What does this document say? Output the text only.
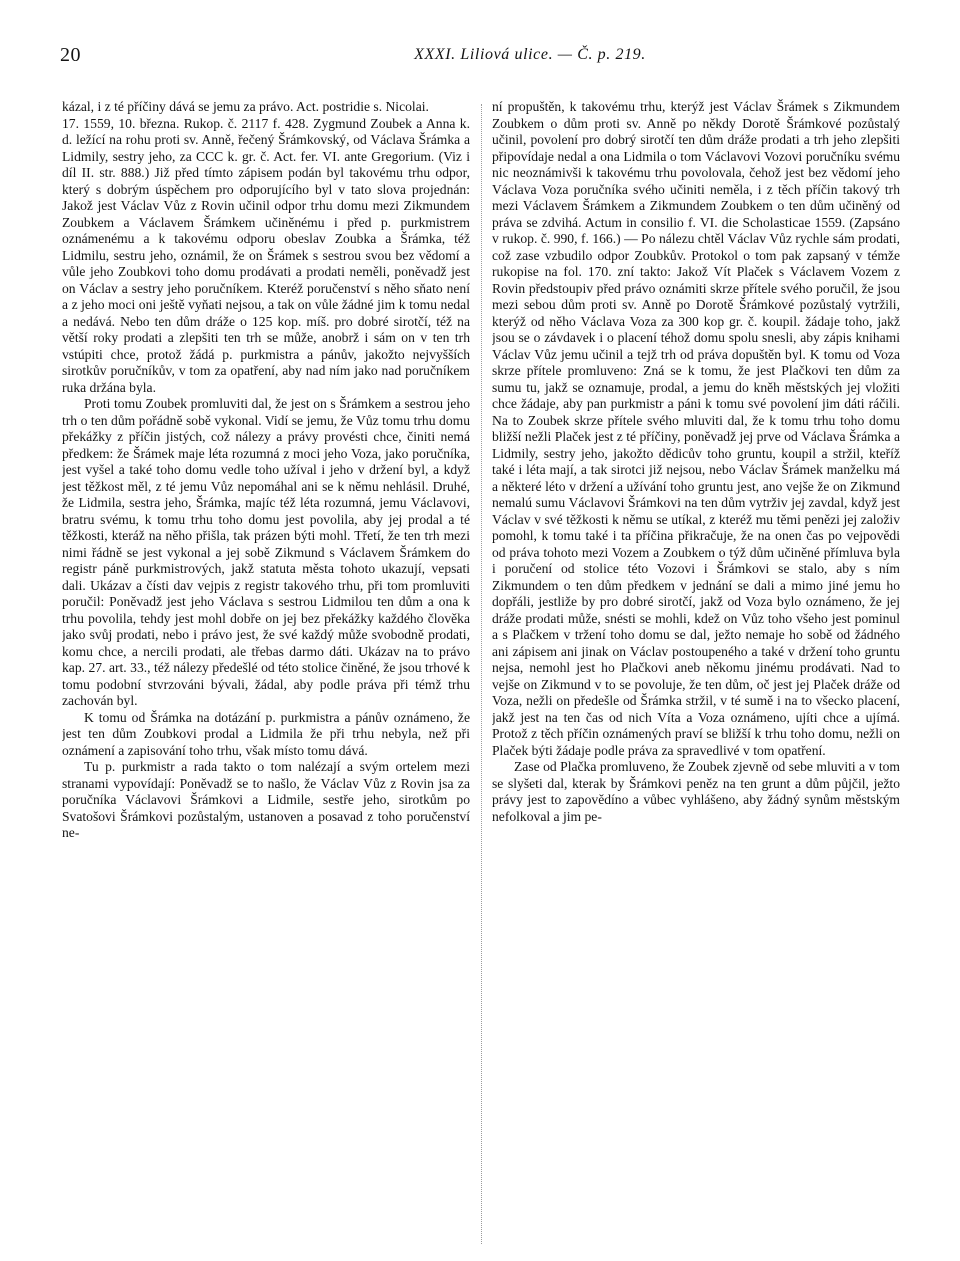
20	XXXI. Liliová ulice. — Č. p. 219.

kázal, i z té příčiny dává se jemu za právo. Act. postridie s. Nicolai.

17. 1559, 10. března. Rukop. č. 2117 f. 428. Zygmund Zoubek a Anna k. d. ležící na rohu proti sv. Anně, řečený Šrámkovský, od Václava Šrámka a Lidmily, sestry jeho, za CCC k. gr. č. Act. fer. VI. ante Gregorium. (Viz i díl II. str. 888.) Již před tímto zápisem podán byl takovému trhu odpor, který s dobrým úspěchem pro odporujícího byl v tato slova projednán: Jakož jest Václav Vůz z Rovin učinil odpor trhu domu mezi Zikmundem Zoubkem a Václavem Šrámkem učiněnému i před p. purkmistrem oznámenému a k takovému odporu obeslav Zoubka a Šrámka, též Lidmilu, sestru jeho, oznámil, že on Šrámek s sestrou svou bez vědomí a vůle jeho Zoubkovi toho domu prodávati a prodati neměli, poněvadž jest on Václav a sestry jeho poručníkem. Kteréž poručenství s něho sňato není a z jeho moci oni ještě vyňati nejsou, a tak on vůle žádné jim k tomu nedal a nedává. Nebo ten dům dráže o 125 kop. míš. pro dobré sirotčí, též na větší roky prodati a zlepšiti ten trh se může, anobrž i sám on v ten trh vstúpiti chce, protož žádá p. purkmistra a pánův, jakožto nejvyšších sirotkův poručníkův, v tom za opatření, aby nad ním jako nad poručníkem ruka držána byla.

Proti tomu Zoubek promluviti dal, že jest on s Šrámkem a sestrou jeho trh o ten dům pořádně sobě vykonal. Vidí se jemu, že Vůz tomu trhu domu překážky z příčin jistých, což nálezy a právy provésti chce, činiti nemá předkem: že Šrámek maje léta rozumná z moci jeho Voza, jako poručníka, jest vyšel a také toho domu vedle toho užíval i jeho v držení byl, a když jest těžkost měl, z té jemu Vůz nepomáhal ani se k němu nehlásil. Druhé, že Lidmila, sestra jeho, Šrámka, majíc též léta rozumná, jemu Václavovi, bratru svému, k tomu trhu toho domu jest povolila, aby jej prodal a té těžkosti, kteráž na něho přišla, tak prázen býti mohl. Třetí, že ten trh mezi nimi řádně se jest vykonal a jej sobě Zikmund s Václavem Šrámkem do registr páně purkmistrových, jakž statuta města tohoto ukazují, vepsati dali. Ukázav a čísti dav vejpis z registr takového trhu, při tom promluviti poručil: Poněvadž jest jeho Václava s sestrou Lidmilou ten dům a ona k trhu povolila, tehdy jest mohl dobře on jej bez překážky každého člověka jako svůj prodati, nebo i právo jest, že své každý může svobodně prodati, komu chce, a nercili prodati, ale třebas darmo dáti. Ukázav na to právo kap. 27. art. 33., též nálezy předešlé od této stolice činěné, že jsou trhové k tomu podobní stvrzováni bývali, žádal, aby podle práva při témž trhu zachován byl.

K tomu od Šrámka na dotázání p. purkmistra a pánův oznámeno, že jest ten dům Zoubkovi prodal a Lidmila že při trhu nebyla, než při oznámení a zapisování toho trhu, však místo tomu dává.

Tu p. purkmistr a rada takto o tom nalézají a svým ortelem mezi stranami vypovídají: Poněvadž se to našlo, že Václav Vůz z Rovin jsa za poručníka Václavovi Šrámkovi a Lidmile, sestře jeho, sirotkům po Svatošovi Šrámkovi pozůstalým, ustanoven a posavad z toho poručenství ne-

ní propuštěn, k takovému trhu, kterýž jest Václav Šrámek s Zikmundem Zoubkem o dům proti sv. Anně po někdy Dorotě Šrámkové pozůstalý učinil, povolení pro dobrý sirotčí ten dům dráže prodati a trh jeho zlepšiti připovídaje nedal a ona Lidmila o tom Václavovi Vozovi poručníku svému nic neoznámivši k takovému trhu povolovala, čehož jest bez vědomí jeho Václava Voza poručníka svého učiniti neměla, i z těch příčin takový trh mezi Václavem Šrámkem a Zikmundem Zoubkem o ten dům učiněný od práva se zdvihá. Actum in consilio f. VI. die Scholasticae 1559. (Zapsáno v rukop. č. 990, f. 166.) — Po nálezu chtěl Václav Vůz rychle sám prodati, což zase vzbudilo odpor Zoubkův. Protokol o tom pak zapsaný v témže rukopise na fol. 170. zní takto: Jakož Vít Plaček s Václavem Vozem z Rovin předstoupiv před právo oznámiti skrze přítele svého poručil, že jsou mezi sebou dům proti sv. Anně po Dorotě Šrámkové pozůstalý vytržili, kterýž od něho Václava Voza za 300 kop gr. č. koupil. žádaje toho, jakž jsou se o závdavek i o placení téhož domu spolu snesli, aby zápis knihami Václav Vůz jemu učinil a tejž trh od práva dopuštěn byl. K tomu od Voza skrze přítele promluveno: Zná se k tomu, že jest Plačkovi ten dům za sumu tu, jakž se oznamuje, prodal, a jemu do kněh městských jej vložiti chce žádaje, aby pan purkmistr a páni k tomu své povolení jim dáti ráčili. Na to Zoubek skrze přítele svého mluviti dal, že k tomu trhu toho domu bližší nežli Plaček jest z té příčiny, poněvadž jej prve od Václava Šrámka a Lidmily, sestry jeho, jakožto dědicův toho gruntu, koupil a stržil, kteříž také i léta mají, a tak sirotci již nejsou, nebo Václav Šrámek manželku má a některé léto v držení a užívání toho gruntu jest, ano vejše že on Zikmund nemalú sumu Václavovi Šrámkovi na ten dům vytrživ jej zavdal, když jest Václav v své těžkosti k němu se utíkal, z kteréž mu těmi penězi jej založiv pomohl, k tomu také i ta příčina přikračuje, že na onen čas po vejpovědi od práva tohoto mezi Vozem a Zoubkem o týž dům učiněné přímluva byla i poručení od stolice této Vozovi i Šrámkovi se stalo, aby s ním Zikmundem o ten dům předkem v jednání se dali a mimo jiné jemu ho dopřáli, jestliže by pro dobré sirotčí, jakž od Voza bylo oznámeno, že jej dráže prodati může, snésti se mohli, kdež on Vůz toho všeho jest pominul a s Plačkem v tržení toho domu se dal, ježto nemaje ho sobě od žádného ani zápisem ani jinak on Václav postoupeného a také v držení toho gruntu nejsa, nemohl jest ho Plačkovi aneb někomu jinému prodávati. Nad to vejše on Zikmund v to se povoluje, že ten dům, oč jest jej Plaček dráže od Voza, nežli on předešle od Šrámka stržil, v té sumě i na to všecko placení, jakž jest na ten čas od nich Víta a Voza oznámeno, ujíti chce a ujímá. Protož z těch příčin oznámených praví se bližší k trhu toho domu, nežli on Plaček býti žádaje podle práva za spravedlivé v tom opatření.

Zase od Plačka promluveno, že Zoubek zjevně od sebe mluviti a v tom se slyšeti dal, kterak by Šrámkovi peněz na ten grunt a dům půjčil, ježto právy jest to zapovědíno a vůbec vyhlášeno, aby žádný synům městským nefolkoval a jim pe-
